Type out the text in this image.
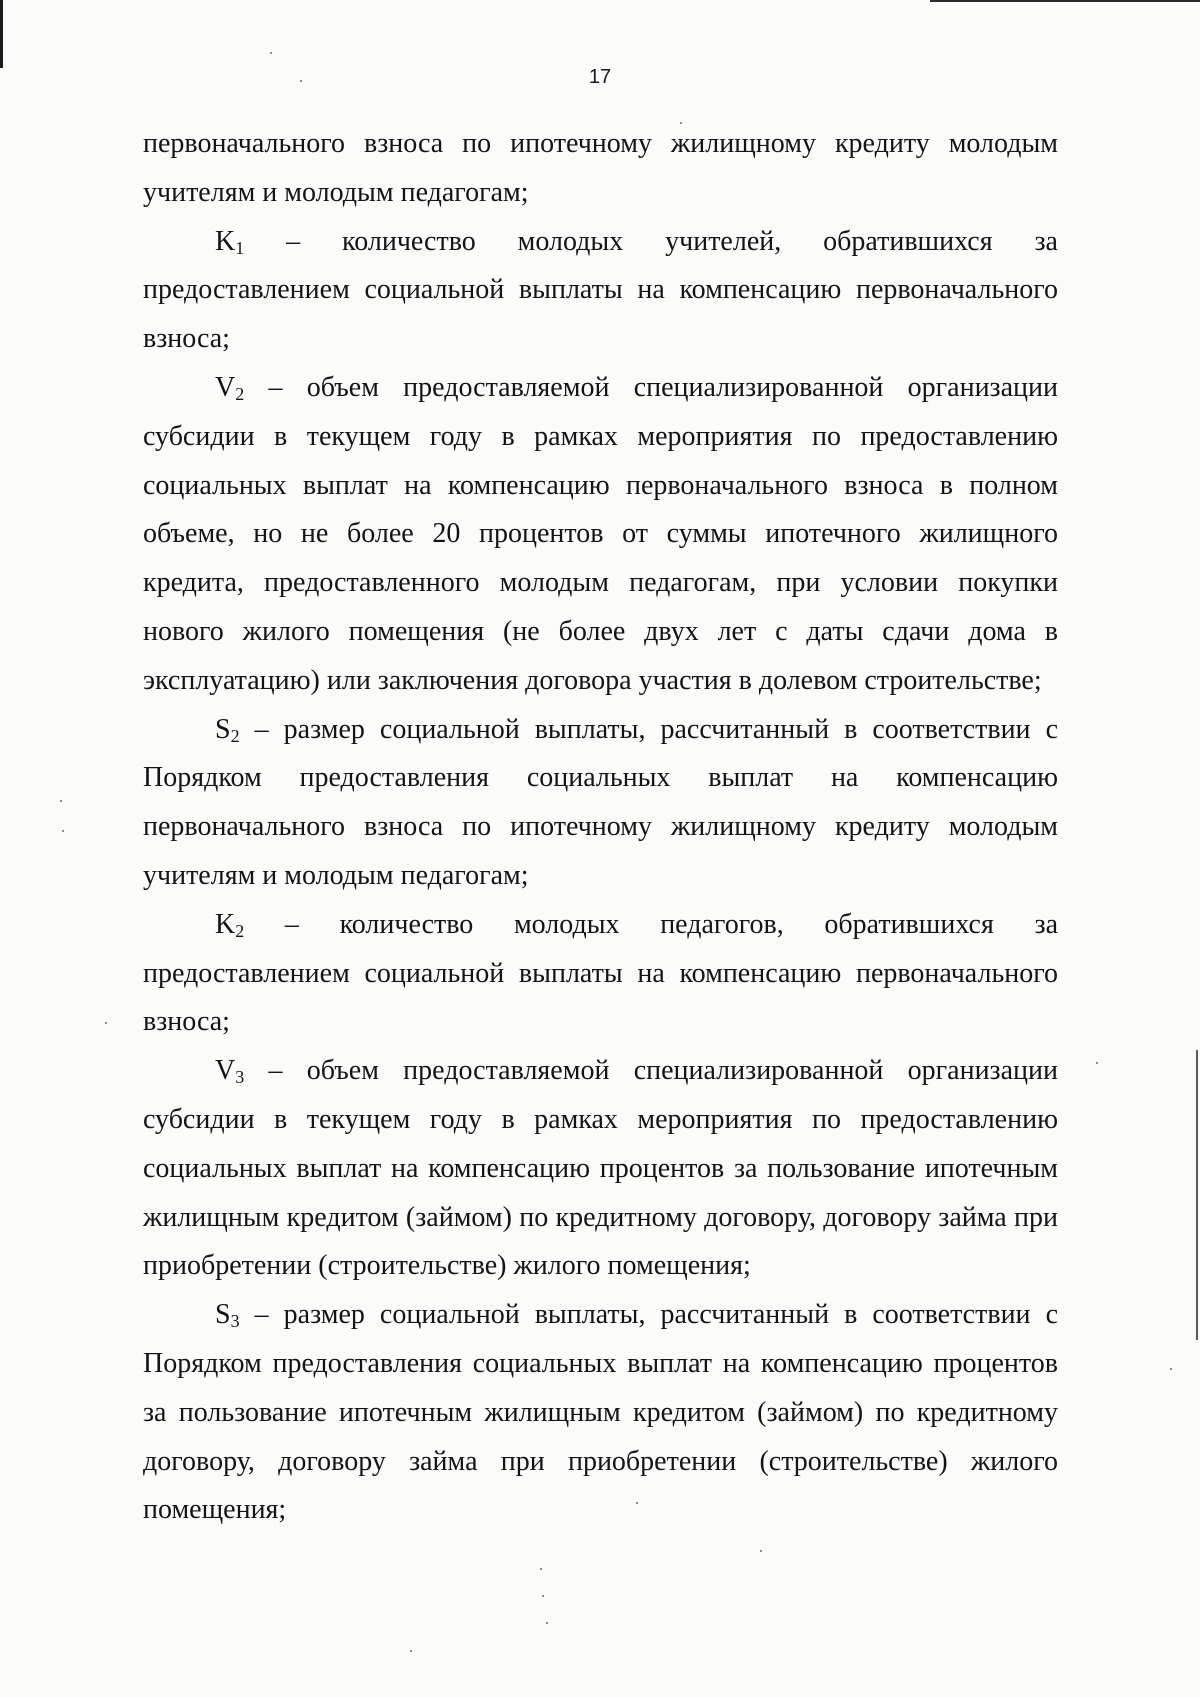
17

первоначального взноса по ипотечному жилищному кредиту молодым учителям и молодым педагогам;

$K_1$ – количество молодых учителей, обратившихся за предоставлением социальной выплаты на компенсацию первоначального взноса;

$V_2$ – объем предоставляемой специализированной организации субсидии в текущем году в рамках мероприятия по предоставлению социальных выплат на компенсацию первоначального взноса в полном объеме, но не более 20 процентов от суммы ипотечного жилищного кредита, предоставленного молодым педагогам, при условии покупки нового жилого помещения (не более двух лет с даты сдачи дома в эксплуатацию) или заключения договора участия в долевом строительстве;

$S_2$ – размер социальной выплаты, рассчитанный в соответствии с Порядком предоставления социальных выплат на компенсацию первоначального взноса по ипотечному жилищному кредиту молодым учителям и молодым педагогам;

$K_2$ – количество молодых педагогов, обратившихся за предоставлением социальной выплаты на компенсацию первоначального взноса;

$V_3$ – объем предоставляемой специализированной организации субсидии в текущем году в рамках мероприятия по предоставлению социальных выплат на компенсацию процентов за пользование ипотечным жилищным кредитом (займом) по кредитному договору, договору займа при приобретении (строительстве) жилого помещения;

$S_3$ – размер социальной выплаты, рассчитанный в соответствии с Порядком предоставления социальных выплат на компенсацию процентов за пользование ипотечным жилищным кредитом (займом) по кредитному договору, договору займа при приобретении (строительстве) жилого помещения;
